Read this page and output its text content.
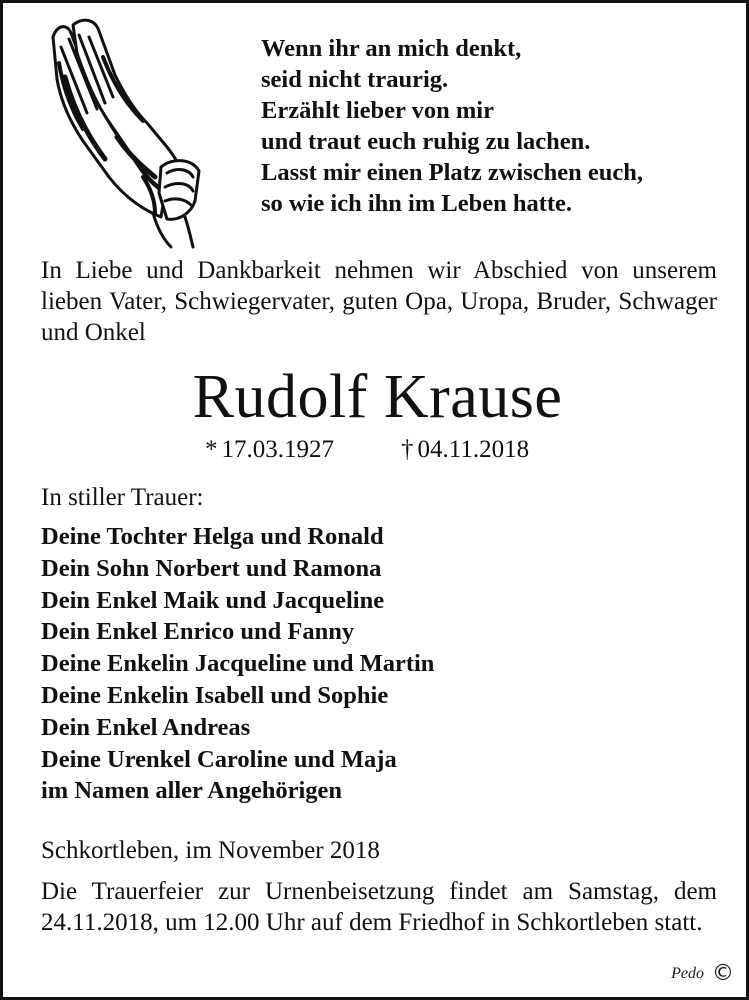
Wenn ihr an mich denkt,
seid nicht traurig.
Erzählt lieber von mir
und traut euch ruhig zu lachen.
Lasst mir einen Platz zwischen euch,
so wie ich ihn im Leben hatte.
In Liebe und Dankbarkeit nehmen wir Abschied von unserem lieben Vater, Schwiegervater, guten Opa, Uropa, Bruder, Schwager und Onkel
Rudolf Krause
* 17.03.1927	† 04.11.2018
In stiller Trauer:
Deine Tochter Helga und Ronald
Dein Sohn Norbert und Ramona
Dein Enkel Maik und Jacqueline
Dein Enkel Enrico und Fanny
Deine Enkelin Jacqueline und Martin
Deine Enkelin Isabell und Sophie
Dein Enkel Andreas
Deine Urenkel Caroline und Maja
im Namen aller Angehörigen
Schkortleben, im November 2018
Die Trauerfeier zur Urnenbeisetzung findet am Samstag, dem 24.11.2018, um 12.00 Uhr auf dem Friedhof in Schkortleben statt.
Pedo ©
